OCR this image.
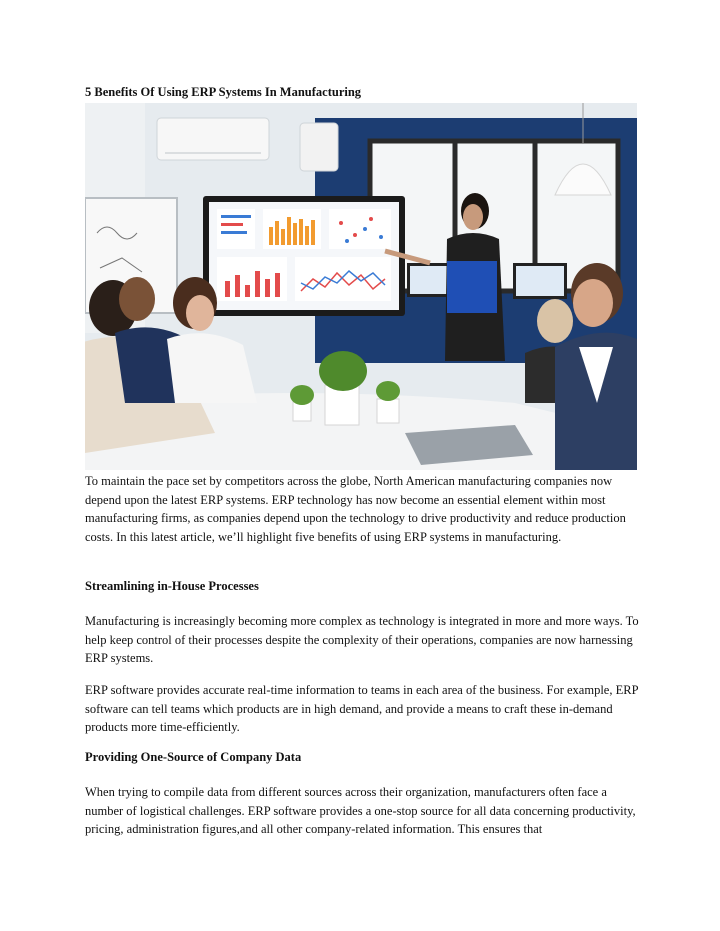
5 Benefits Of Using ERP Systems In Manufacturing

To maintain the pace set by competitors across the globe, North American manufacturing companies now depend upon the latest ERP systems. ERP technology has now become an essential element within most manufacturing firms, as companies depend upon the technology to drive productivity and reduce production costs. In this latest article, we’ll highlight five benefits of using ERP systems in manufacturing.

Streamlining in-House Processes

Manufacturing is increasingly becoming more complex as technology is integrated in more and more ways. To help keep control of their processes despite the complexity of their operations, companies are now harnessing ERP systems.

ERP software provides accurate real-time information to teams in each area of the business. For example, ERP software can tell teams which products are in high demand, and provide a means to craft these in-demand products more time-efficiently.

Providing One-Source of Company Data

When trying to compile data from different sources across their organization, manufacturers often face a number of logistical challenges. ERP software provides a one-stop source for all data concerning productivity, pricing, administration figures,and all other company-related information. This ensures that
